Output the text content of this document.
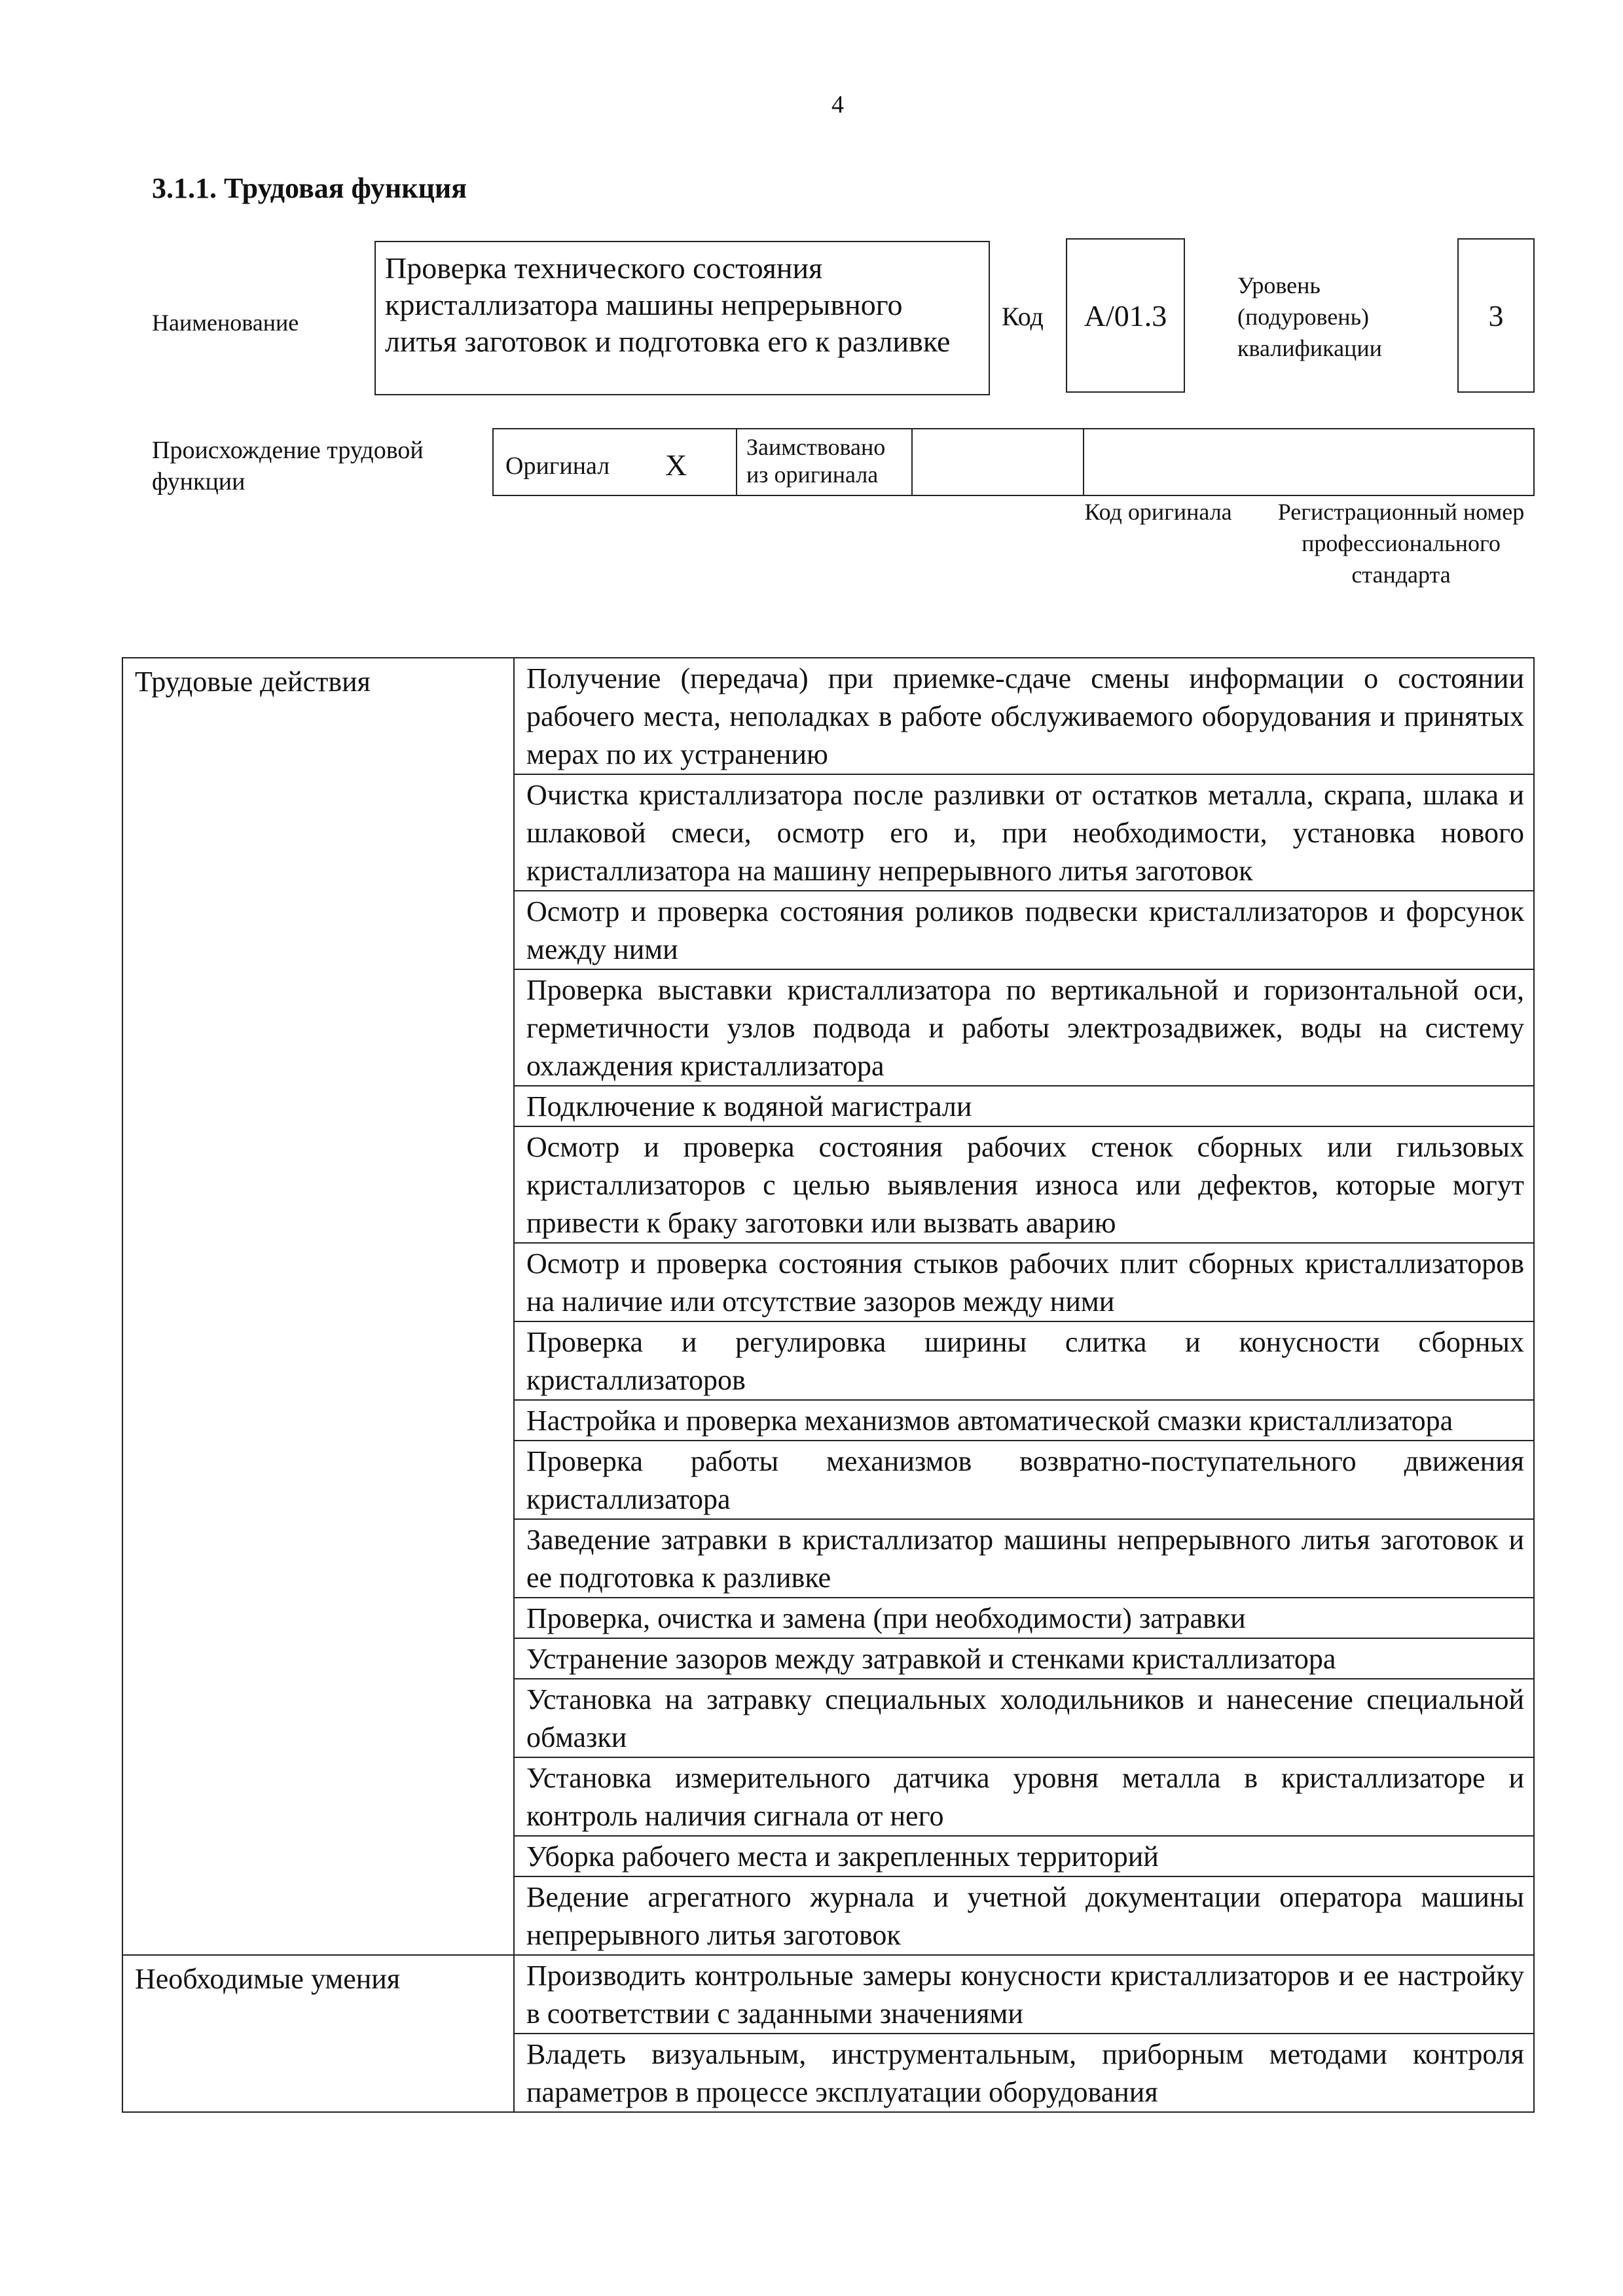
4
3.1.1. Трудовая функция
Наименование
Проверка технического состояния кристаллизатора машины непрерывного литья заготовок и подготовка его к разливке
Код A/01.3
Уровень (подуровень) квалификации
3
Происхождение трудовой функции
Оригинал X
Заимствовано из оригинала
Код оригинала	Регистрационный номер профессионального стандарта
Трудовые действия	Получение (передача) при приемке-сдаче смены информации о состоянии рабочего места, неполадках в работе обслуживаемого оборудования и принятых мерах по их устранению
	Очистка кристаллизатора после разливки от остатков металла, скрапа, шлака и шлаковой смеси, осмотр его и, при необходимости, установка нового кристаллизатора на машину непрерывного литья заготовок
	Осмотр и проверка состояния роликов подвески кристаллизаторов и форсунок между ними
	Проверка выставки кристаллизатора по вертикальной и горизонтальной оси, герметичности узлов подвода и работы электрозадвижек, воды на систему охлаждения кристаллизатора
	Подключение к водяной магистрали
	Осмотр и проверка состояния рабочих стенок сборных или гильзовых кристаллизаторов с целью выявления износа или дефектов, которые могут привести к браку заготовки или вызвать аварию
	Осмотр и проверка состояния стыков рабочих плит сборных кристаллизаторов на наличие или отсутствие зазоров между ними
	Проверка и регулировка ширины слитка и конусности сборных кристаллизаторов
	Настройка и проверка механизмов автоматической смазки кристаллизатора
	Проверка работы механизмов возвратно-поступательного движения кристаллизатора
	Заведение затравки в кристаллизатор машины непрерывного литья заготовок и ее подготовка к разливке
	Проверка, очистка и замена (при необходимости) затравки
	Устранение зазоров между затравкой и стенками кристаллизатора
	Установка на затравку специальных холодильников и нанесение специальной обмазки
	Установка измерительного датчика уровня металла в кристаллизаторе и контроль наличия сигнала от него
	Уборка рабочего места и закрепленных территорий
	Ведение агрегатного журнала и учетной документации оператора машины непрерывного литья заготовок
Необходимые умения	Производить контрольные замеры конусности кристаллизаторов и ее настройку в соответствии с заданными значениями
	Владеть визуальным, инструментальным, приборным методами контроля параметров в процессе эксплуатации оборудования
